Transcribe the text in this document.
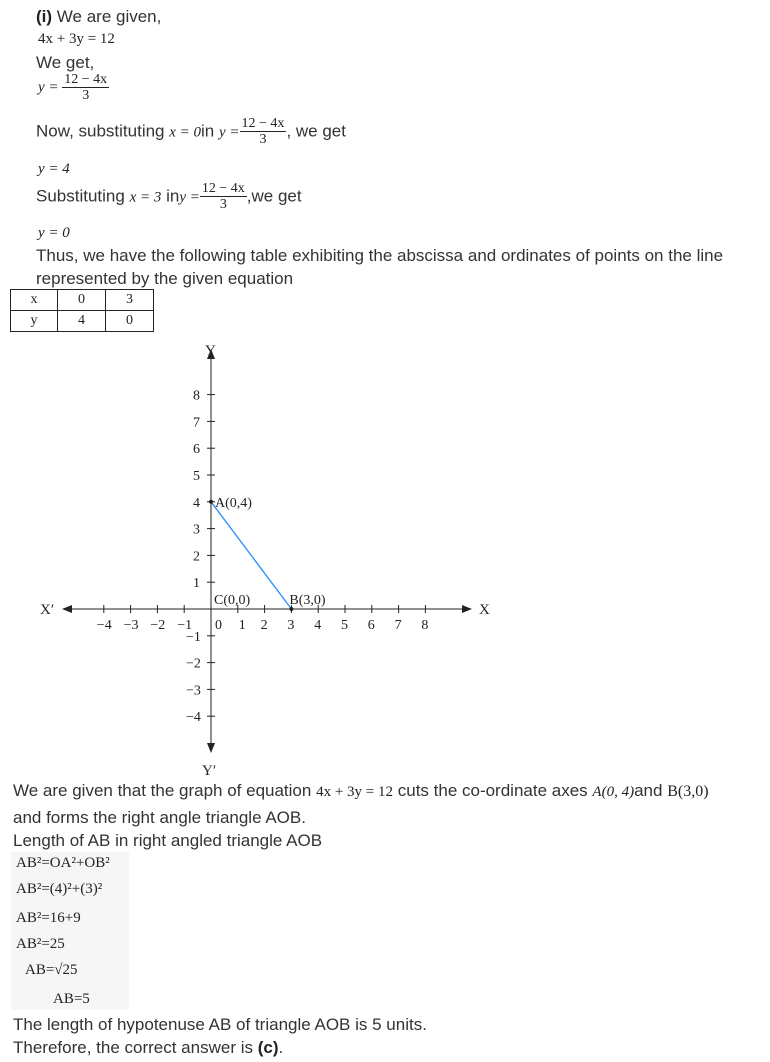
(i) We are given,
4x + 3y = 12
We get,
$y = \frac{12 - 4x}{3}$
Now, substituting x = 0in $y = \frac{12 - 4x}{3}$ , we get
y = 4
Substituting x = 3 iny = $\frac{12 - 4x}{3} ,we$ get
y = 0
Thus, we have the following table exhibiting the abscissa and ordinates of points on the line
represented by the given equation
x	0	3
y	4	0
X
X′
Y
Y′
−4 −3 −2 −1 0 1 2 3 4 5 6 7 8
8
7
6
5
4
3
2
1
−1
−2
−3
−4
A(0,4)
B(3,0)
C(0,0)
We are given that the graph of equation 4x + 3y = 12 cuts the co-ordinate axes A(0, 4)and B(3,0)
and forms the right angle triangle AOB.
Length of AB in right angled triangle AOB
AB²=OA²+OB²
AB²=(4)²+(3)²
AB²=16+9
AB²=25
AB=√25
AB=5
The length of hypotenuse AB of triangle AOB is 5 units.
Therefore, the correct answer is (c).
